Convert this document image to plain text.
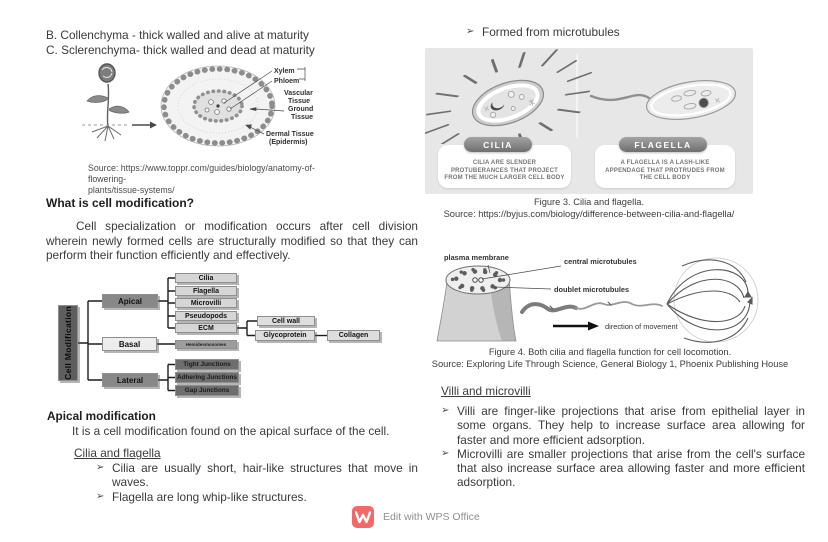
B. Collenchyma - thick walled and alive at maturity
C. Sclerenchyma- thick walled and dead at maturity
Xylem
Phloem
Vascular
Tissue
Ground
Tissue
Dermal Tissue
(Epidermis)
Source: https://www.toppr.com/guides/biology/anatomy-of-flowering-
plants/tissue-systems/
What is cell modification?
Cell specialization or modification occurs after cell division wherein newly formed cells are structurally modified so that they can perform their function efficiently and effectively.
Cell Modification
Apical
Basal
Lateral
Cilia
Flagella
Microvilli
Pseudopods
ECM
Hemidesmosomes
Tight Junctions
Adhering Junctions
Gap Junctions
Cell wall
Glycoprotein	Collagen
Apical modification
It is a cell modification found on the apical surface of the cell.
Cilia and flagella
➢ Cilia are usually short, hair-like structures that move in waves.
➢ Flagella are long whip-like structures.
➢ Formed from microtubules
CILIA	FLAGELLA
CILIA ARE SLENDER PROTUBERANCES THAT PROJECT FROM THE MUCH LARGER CELL BODY
A FLAGELLA IS A LASH-LIKE APPENDAGE THAT PROTRUDES FROM THE CELL BODY
Figure 3. Cilia and flagella.
Source: https://byjus.com/biology/difference-between-cilia-and-flagella/
plasma membrane	central microtubules
doublet microtubules
direction of movement
Figure 4. Both cilia and flagella function for cell locomotion.
Source: Exploring Life Through Science, General Biology 1, Phoenix Publishing House
Villi and microvilli
➢ Villi are finger-like projections that arise from epithelial layer in some organs. They help to increase surface area allowing for faster and more efficient adsorption.
➢ Microvilli are smaller projections that arise from the cell's surface that also increase surface area allowing faster and more efficient adsorption.
Edit with WPS Office
